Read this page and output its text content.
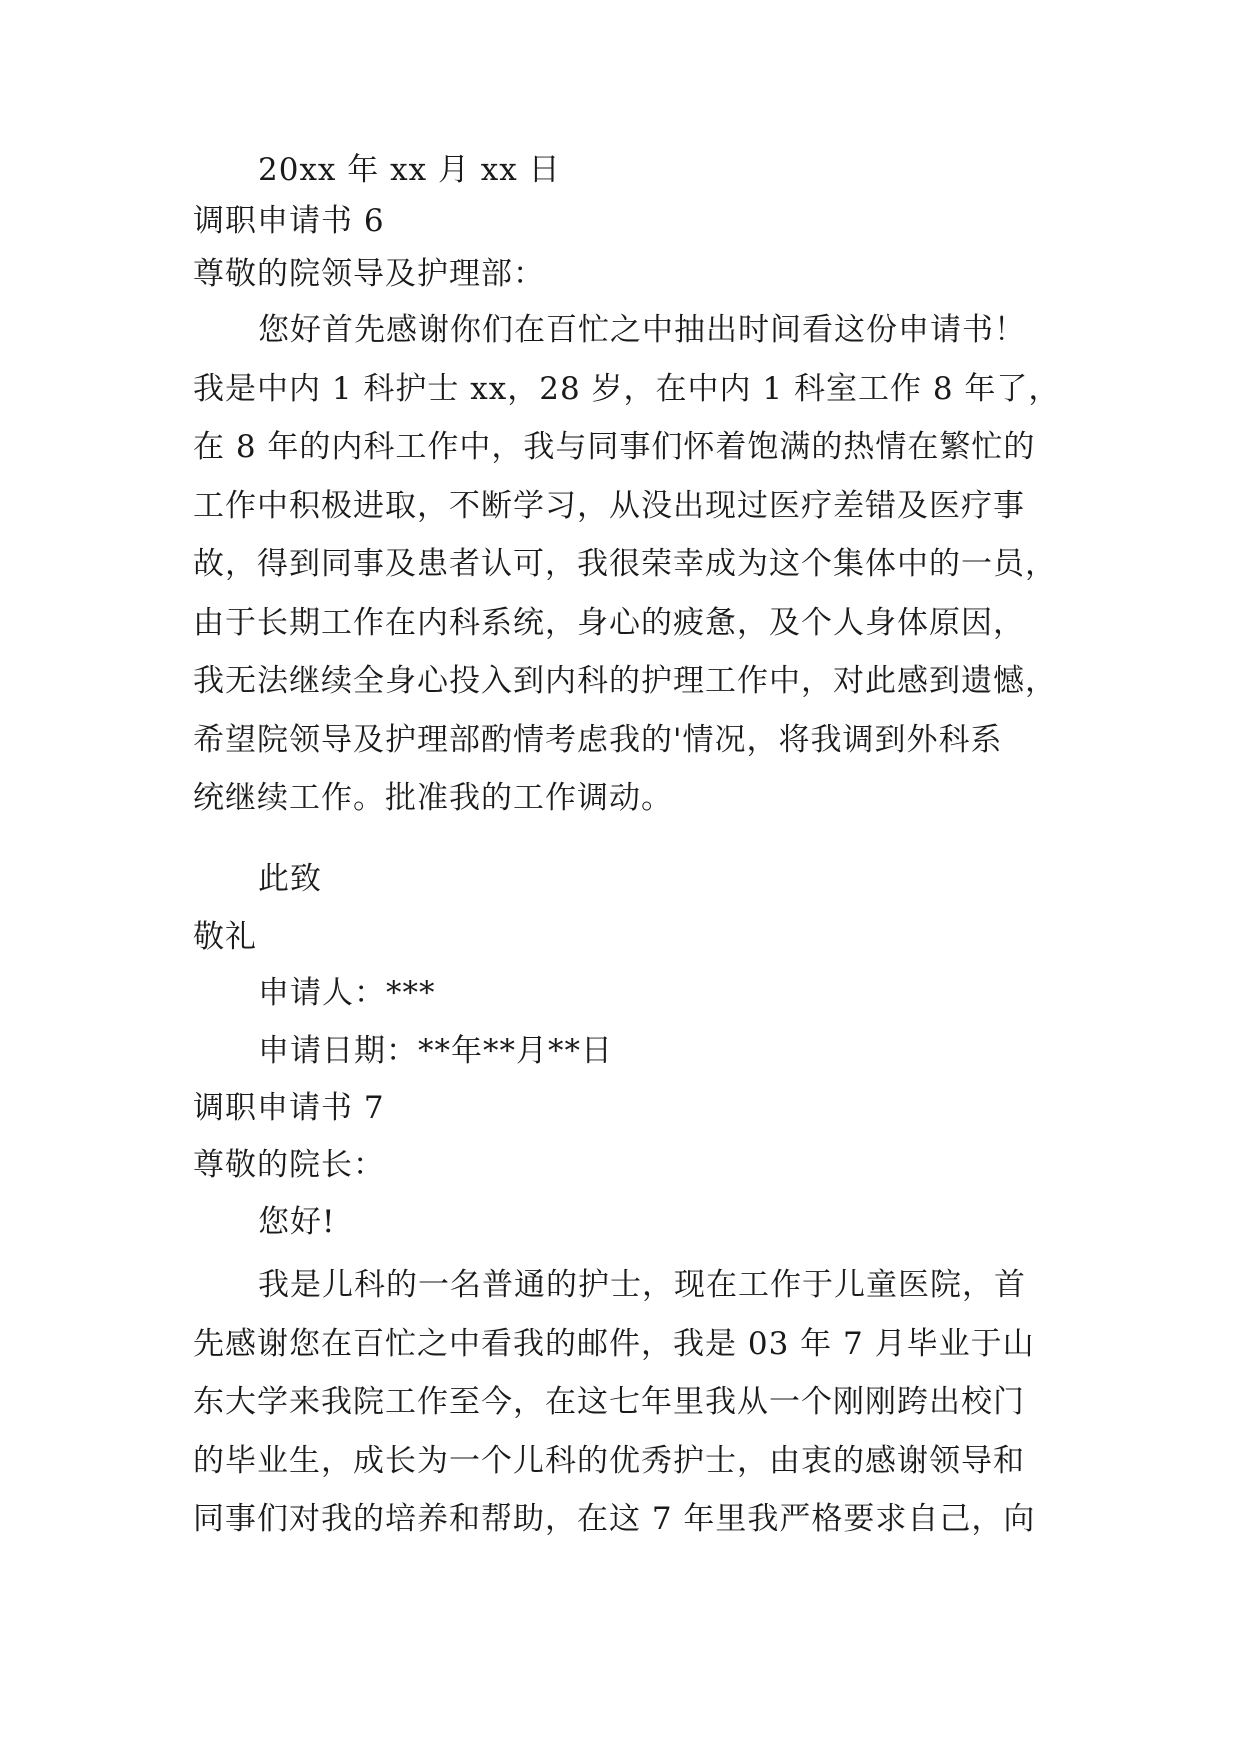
20xx 年 xx 月 xx 日
调职申请书 6
尊敬的院领导及护理部：
您好首先感谢你们在百忙之中抽出时间看这份申请书！
我是中内 1 科护士 xx，28 岁，在中内 1 科室工作 8 年了，
在 8 年的内科工作中，我与同事们怀着饱满的热情在繁忙的
工作中积极进取，不断学习，从没出现过医疗差错及医疗事
故，得到同事及患者认可，我很荣幸成为这个集体中的一员，
由于长期工作在内科系统，身心的疲惫，及个人身体原因，
我无法继续全身心投入到内科的护理工作中，对此感到遗憾，
希望院领导及护理部酌情考虑我的'情况，将我调到外科系
统继续工作。批准我的工作调动。
此致
敬礼
申请人：***
申请日期：**年**月**日
调职申请书 7
尊敬的院长：
您好!
我是儿科的一名普通的护士，现在工作于儿童医院，首
先感谢您在百忙之中看我的邮件，我是 03 年 7 月毕业于山
东大学来我院工作至今，在这七年里我从一个刚刚跨出校门
的毕业生，成长为一个儿科的优秀护士，由衷的感谢领导和
同事们对我的培养和帮助，在这 7 年里我严格要求自己，向
